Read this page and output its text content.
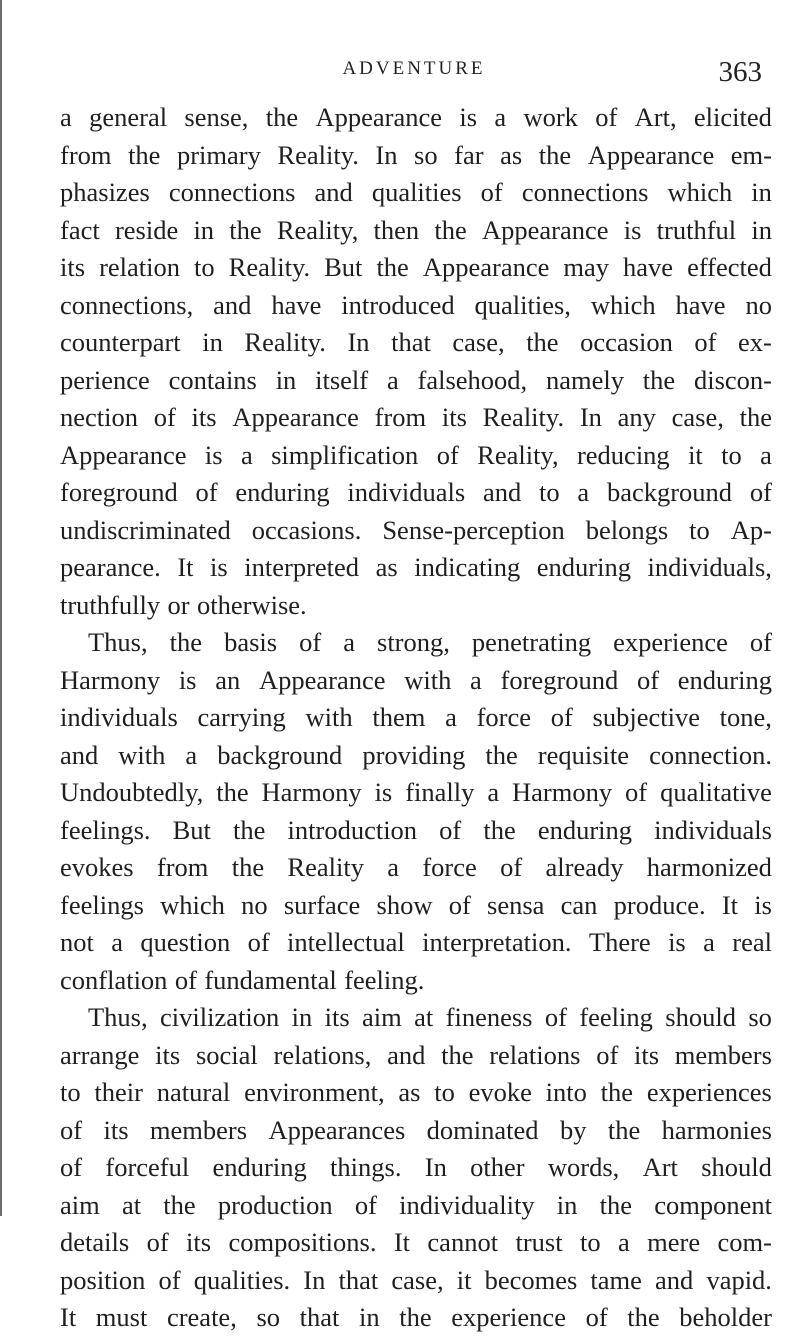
ADVENTURE	363
a general sense, the Appearance is a work of Art, elicited
from the primary Reality. In so far as the Appearance em-
phasizes connections and qualities of connections which in
fact reside in the Reality, then the Appearance is truthful in
its relation to Reality. But the Appearance may have effected
connections, and have introduced qualities, which have no
counterpart in Reality. In that case, the occasion of ex-
perience contains in itself a falsehood, namely the discon-
nection of its Appearance from its Reality. In any case, the
Appearance is a simplification of Reality, reducing it to a
foreground of enduring individuals and to a background of
undiscriminated occasions. Sense-perception belongs to Ap-
pearance. It is interpreted as indicating enduring individuals,
truthfully or otherwise.
Thus, the basis of a strong, penetrating experience of
Harmony is an Appearance with a foreground of enduring
individuals carrying with them a force of subjective tone,
and with a background providing the requisite connection.
Undoubtedly, the Harmony is finally a Harmony of qualitative
feelings. But the introduction of the enduring individuals
evokes from the Reality a force of already harmonized
feelings which no surface show of sensa can produce. It is
not a question of intellectual interpretation. There is a real
conflation of fundamental feeling.
Thus, civilization in its aim at fineness of feeling should so
arrange its social relations, and the relations of its members
to their natural environment, as to evoke into the experiences
of its members Appearances dominated by the harmonies
of forceful enduring things. In other words, Art should
aim at the production of individuality in the component
details of its compositions. It cannot trust to a mere com-
position of qualities. In that case, it becomes tame and vapid.
It must create, so that in the experience of the beholder
